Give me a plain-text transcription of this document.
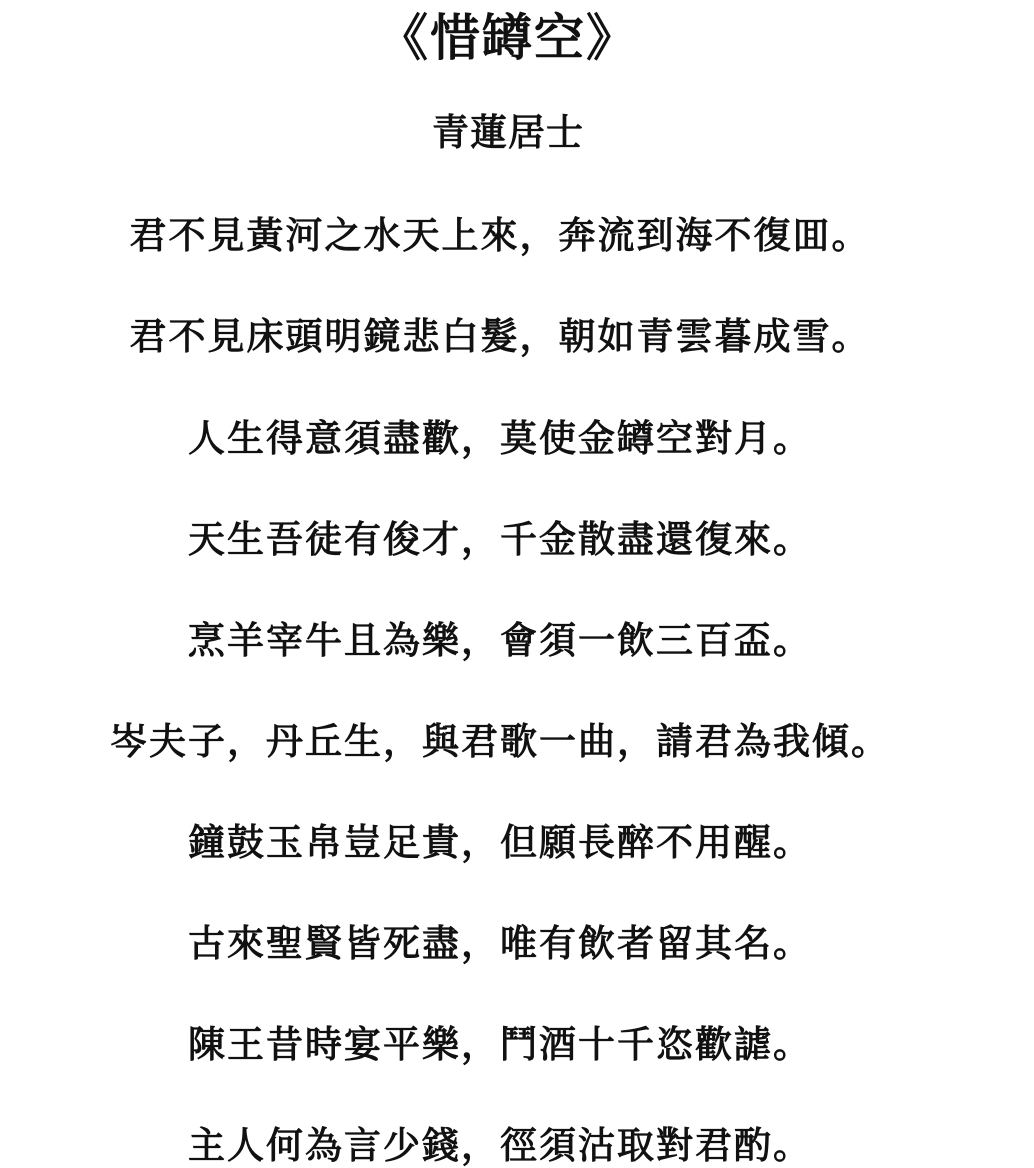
《惜罇空》
青蓮居士
君不見黃河之水天上來，奔流到海不復囬。
君不見床頭明鏡悲白髮，朝如青雲暮成雪。
人生得意須盡歡，莫使金罇空對月。
天生吾徒有俊才，千金散盡還復來。
烹羊宰牛且為樂，會須一飲三百盃。
岑夫子，丹丘生，與君歌一曲，請君為我傾。
鐘鼓玉帛豈足貴，但願長醉不用醒。
古來聖賢皆死盡，唯有飲者留其名。
陳王昔時宴平樂，鬥酒十千恣歡謔。
主人何為言少錢，徑須沽取對君酌。
